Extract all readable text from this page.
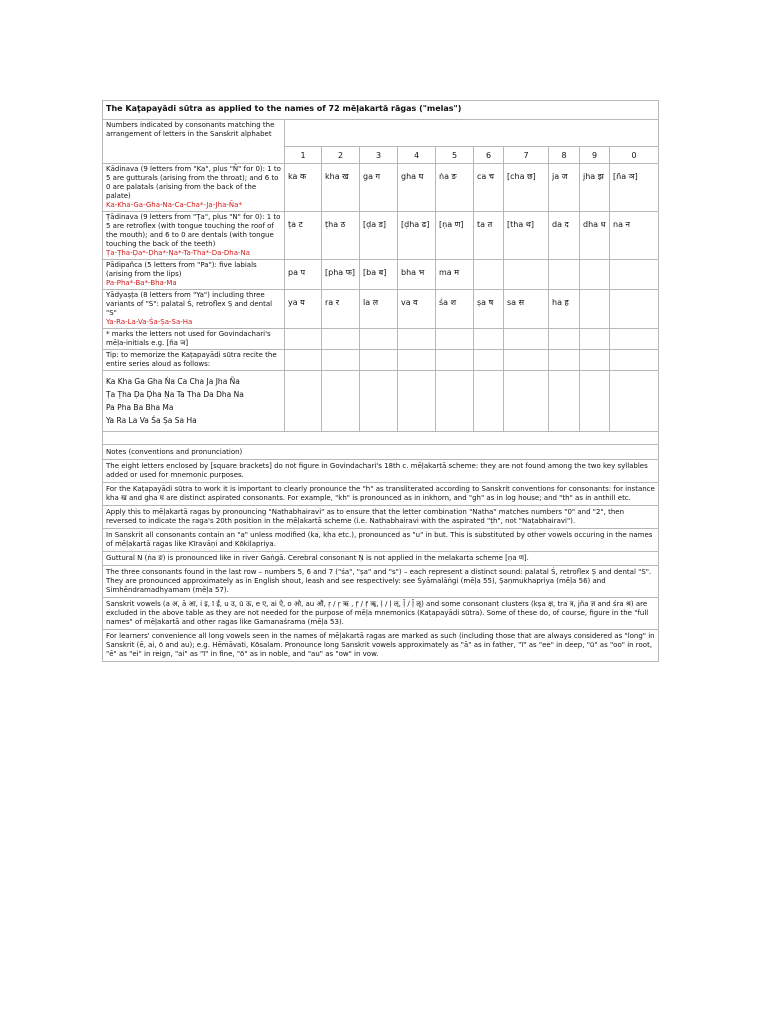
The Kaṭapayādi sūtra as applied to the names of 72 mēḷakartā rāgas ("melas")										
Numbers indicated by consonants matching the arrangement of letters in the Sanskrit alphabet										
	1	2	3	4	5	6	7	8	9	0
Kādinava (9 letters from "Ka", plus "Ñ" for 0): 1 to 5 are gutturals (arising from the throat); and 6 to 0 are palatals (arising from the back of the palate)
Ka-Kha-Ga-Gha-Na-Ca-Cha*-Ja-Jha-Ña*	ka क	kha ख	ga ग	gha घ	ṅa ङ	ca च	[cha छ]	ja ज	jha झ	[ña ञ]
Ṭādinava (9 letters from "Ṭa", plus "N" for 0): 1 to 5 are retroflex (with tongue touching the roof of the mouth); and 6 to 0 are dentals (with tongue touching the back of the teeth)
Ṭa-Ṭha-Ḍa*-Ḍha*-Ṇa*-Ta-Tha*-Da-Dha-Na	ṭa ट	ṭha ठ	[ḍa ड]	[ḍha ढ]	[ṇa ण]	ta त	[tha थ]	da द	dha ध	na न
Pādipañca (5 letters from "Pa"): five labials (arising from the lips)
Pa-Pha*-Ba*-Bha-Ma	pa प	[pha फ]	[ba ब]	bha भ	ma म					
Yādyaṣṭa (8 letters from "Ya") including three variants of "S": palatal Ś, retroflex Ṣ and dental "S"
Ya-Ra-La-Va-Śa-Ṣa-Sa-Ha	ya य	ra र	la ल	va व	śa श	ṣa ष	sa स	ha ह		
* marks the letters not used for Govindachari's mēḷa-initials e.g. [ña ञ]										
Tip: to memorize the Kaṭapayādi sūtra recite the entire series aloud as follows:										

Ka Kha Ga Gha Ṅa Ca Cha Ja Jha Ña
Ṭa Ṭha Ḍa Ḍha Ṇa Ta Tha Da Dha Na
Pa Pha Ba Bha Ma
Ya Ra La Va Śa Ṣa Sa Ha										

Notes (conventions and pronunciation)										
The eight letters enclosed by [square brackets] do not figure in Govindachari's 18th c. mēḷakartā scheme: they are not found among the two key syllables added or used for mnemonic purposes.										
For the Kaṭapayādi sūtra to work it is important to clearly pronounce the "h" as transliterated according to Sanskrit conventions for consonants: for instance kha ख and gha घ are distinct aspirated consonants. For example, "kh" is pronounced as in inkhorn, and "gh" as in log house; and "th" as in anthill etc.										
Apply this to mēḷakartā ragas by pronouncing "Nathabhairavi" as to ensure that the letter combination "Natha" matches numbers "0" and "2", then reversed to indicate the raga's 20th position in the mēḷakartā scheme (i.e. Nathabhairavi with the aspirated "ṭh", not "Naṭabhairavi").										
In Sanskrit all consonants contain an "a" unless modified (ka, kha etc.), pronounced as "u" in but. This is substituted by other vowels occuring in the names of mēḷakartā ragas like Kīravāṇi and Kōkilapriya.										
Guttural N (ṅa ङ) is pronounced like in river Gaṅgā. Cerebral consonant Ṇ is not applied in the melakarta scheme [ṇa ण].										
The three consonants found in the last row – numbers 5, 6 and 7 ("śa", "ṣa" and "s") – each represent a distinct sound: palatal Ś, retroflex Ṣ and dental "S". They are pronounced approximately as in English shout, leash and see respectively: see Śyāmalāṅgi (mēḷa 55), Ṣaṇmukhapriya (mēḷa 56) and Simhēndramadhyamam (mēḷa 57).										
Sanskrit vowels (a अ, ā आ, i इ, ī ई, u उ, ū ऊ, e ए, ai ऐ, o ओ, au औ, ṛ / ṛ ऋ , ṝ / ṝ ॠ, ḷ / ḷ ऌ, ḹ / ḹ ॡ) and some consonant clusters (kṣa क्ष, tra त्र, jña ज्ञ and śra श्र) are excluded in the above table as they are not needed for the purpose of mēḷa mnemonics (Kaṭapayādi sūtra). Some of these do, of course, figure in the "full names" of mēḷakartā and other ragas like Gamanaśrama (mēḷa 53).										
For learners' convenience all long vowels seen in the names of mēḷakartā ragas are marked as such (including those that are always considered as "long" in Sanskrit (ē, ai, ō and au); e.g. Hēmāvati, Kōsalam. Pronounce long Sanskrit vowels approximately as "ā" as in father, "ī" as "ee" in deep, "ū" as "oo" in root, "ē" as "ei" in reign, "ai" as "ī" in fine, "ō" as in noble, and "au" as "ow" in vow.										
